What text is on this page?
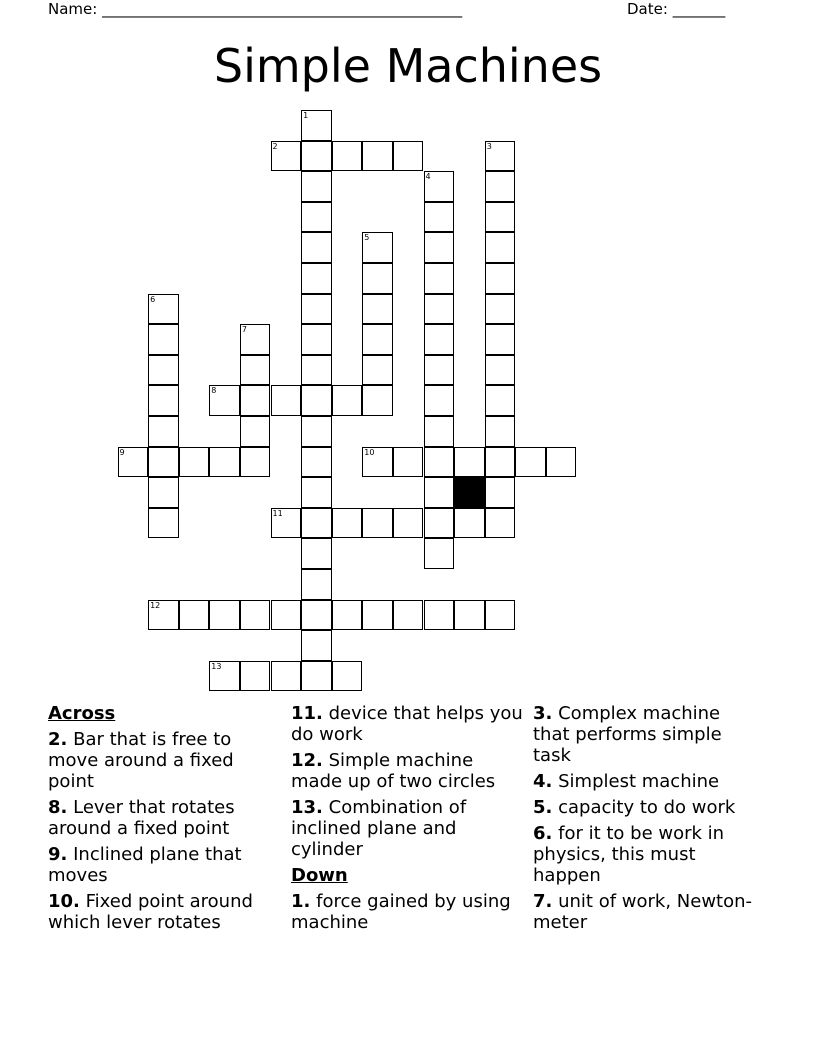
Name: ________________________________________________	Date: _______
Simple Machines
2
8
9	10
11
12
13
1
3
4
5
6
7
Across
2. Bar that is free to move around a fixed point
8. Lever that rotates around a fixed point
9. Inclined plane that moves
10. Fixed point around which lever rotates
11. device that helps you do work
12. Simple machine made up of two circles
13. Combination of inclined plane and cylinder
Down
1. force gained by using machine
3. Complex machine that performs simple task
4. Simplest machine
5. capacity to do work
6. for it to be work in physics, this must happen
7. unit of work, Newton-meter
